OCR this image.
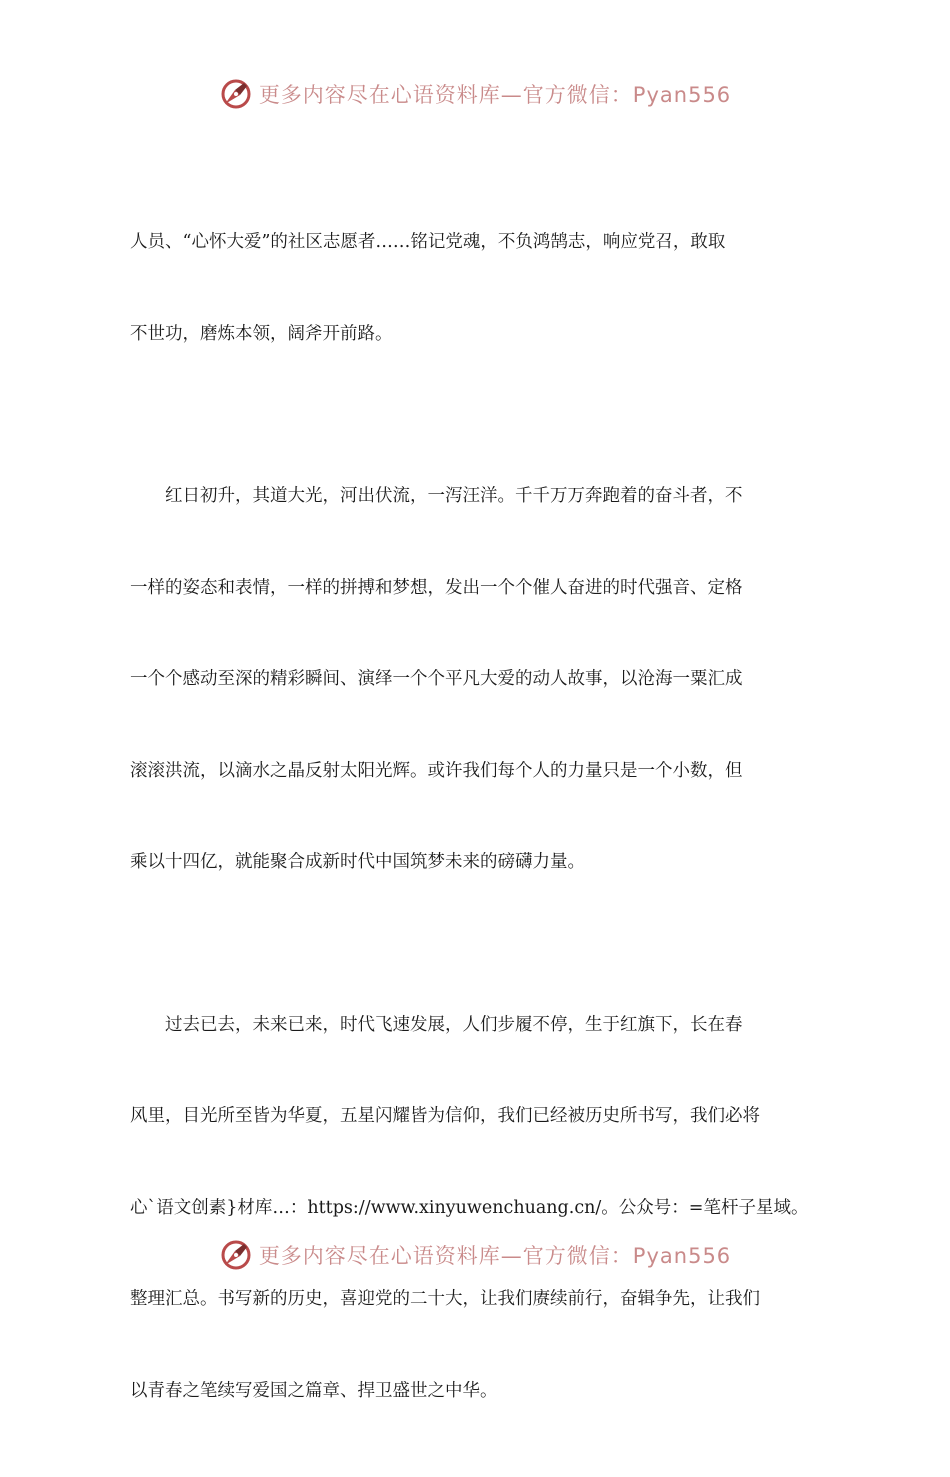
更多内容尽在心语资料库—官方微信：Pyan556

人员、“心怀大爱”的社区志愿者……铭记党魂，不负鸿鹄志，响应党召，敢取

不世功，磨炼本领，阔斧开前路。

红日初升，其道大光，河出伏流，一泻汪洋。千千万万奔跑着的奋斗者，不

一样的姿态和表情，一样的拼搏和梦想，发出一个个催人奋进的时代强音、定格

一个个感动至深的精彩瞬间、演绎一个个平凡大爱的动人故事，以沧海一粟汇成

滚滚洪流，以滴水之晶反射太阳光辉。或许我们每个人的力量只是一个小数，但

乘以十四亿，就能聚合成新时代中国筑梦未来的磅礴力量。

过去已去，未来已来，时代飞速发展，人们步履不停，生于红旗下，长在春

风里，目光所至皆为华夏，五星闪耀皆为信仰，我们已经被历史所书写，我们必将

心`语文创素}材库…：https://www.xinyuwenchuang.cn/。公众号：=笔杆子星域。

整理汇总。书写新的历史，喜迎党的二十大，让我们赓续前行，奋辑争先，让我们

以青春之笔续写爱国之篇章、捍卫盛世之中华。

更多内容尽在心语资料库—官方微信：Pyan556
